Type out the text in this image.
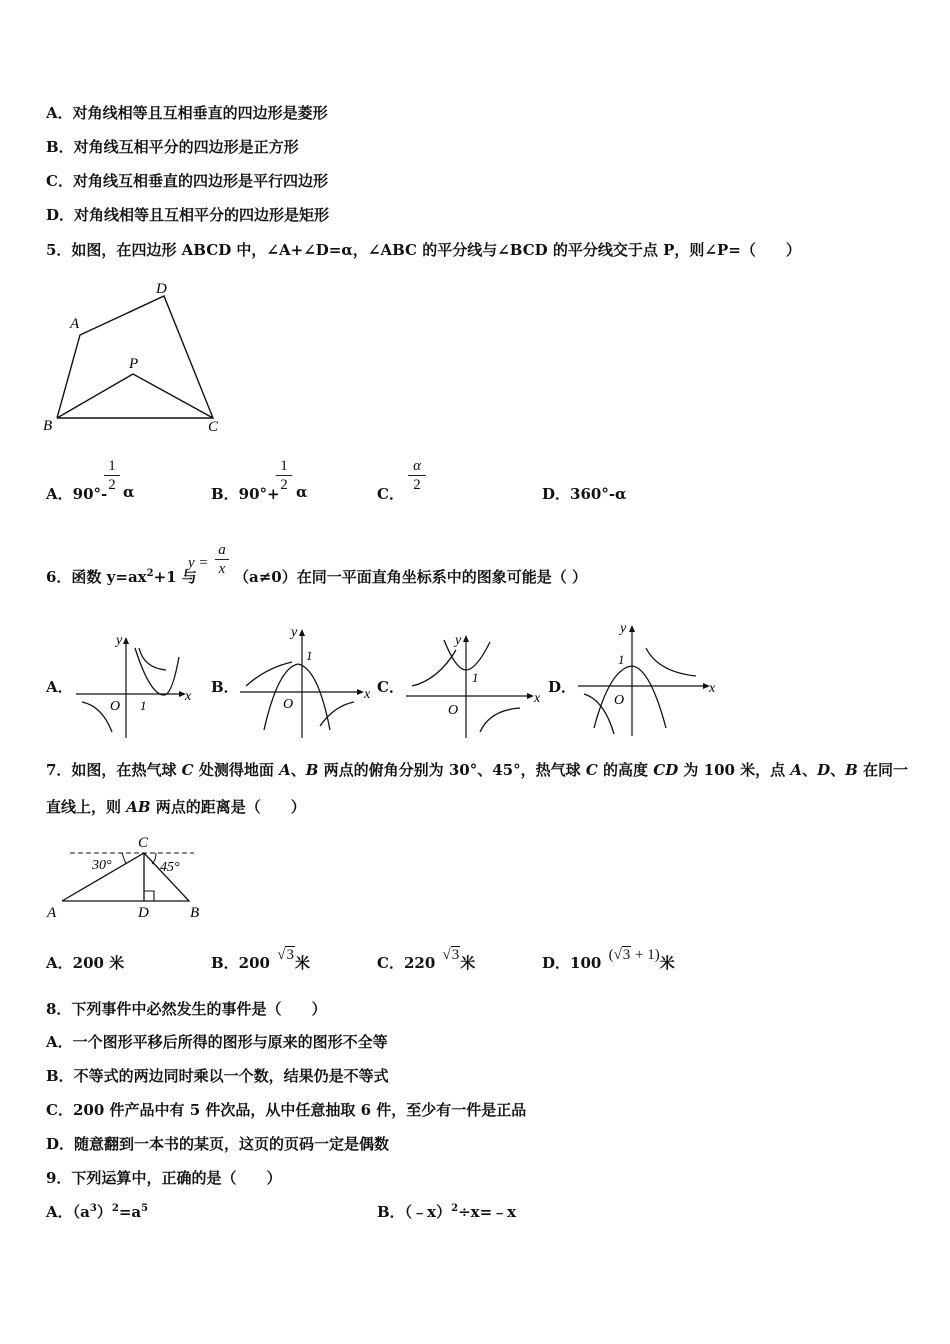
A．对角线相等且互相垂直的四边形是菱形
B．对角线互相平分的四边形是正方形
C．对角线互相垂直的四边形是平行四边形
D．对角线相等且互相平分的四边形是矩形
5．如图，在四边形 ABCD 中，∠A+∠D=α，∠ABC 的平分线与∠BCD 的平分线交于点 P，则∠P=（　　）
A
D
P
B	C
A．90°-
1
2 α	B．90°+
1
2 α	C．
α
2	D．360°-α
6．函数 $y=ax^2+1$ 与
y =
a
x （a≠0）在同一平面直角坐标系中的图象可能是（ ）
A．	B．	C．	D．
y
x
O 1
y
x
O
1
y
x
O
1
y
x
O
1
7．如图，在热气球 C 处测得地面 A、B 两点的俯角分别为 30°、45°，热气球 C 的高度 CD 为 100 米，点 A、D、B 在同一
直线上，则 AB 两点的距离是（　　）
30°	45°
C
A	D	B
A．200 米	B．200 √3米	C．220 √3米	D．100 (√3 + 1)米
8．下列事件中必然发生的事件是（　　）
A．一个图形平移后所得的图形与原来的图形不全等
B．不等式的两边同时乘以一个数，结果仍是不等式
C．200 件产品中有 5 件次品，从中任意抽取 6 件，至少有一件是正品
D．随意翻到一本书的某页，这页的页码一定是偶数
9．下列运算中，正确的是（　　）
A．$(a^3)^2=a^5$	B．（﹣x）$^2$÷x=﹣x
